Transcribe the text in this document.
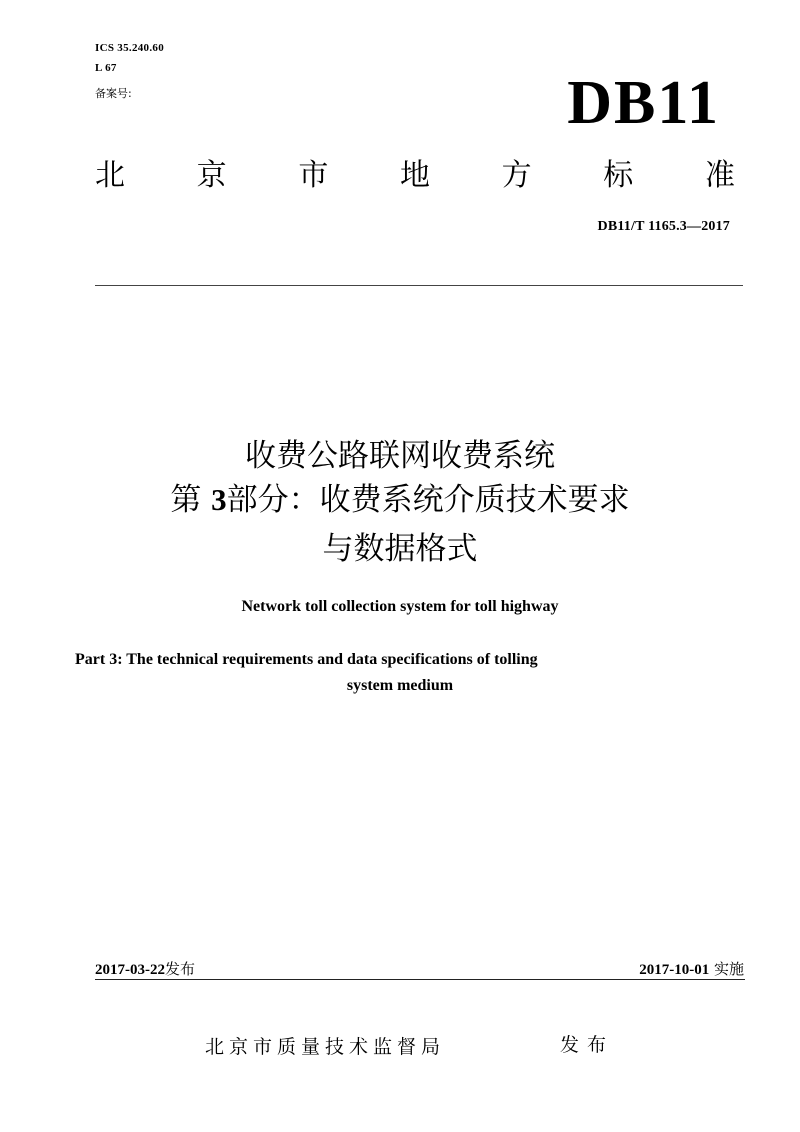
ICS 35.240.60
L 67
备案号:	DB11
北 京 市 地 方 标 准
DB11/T 1165.3—2017
收费公路联网收费系统
第 3部分：收费系统介质技术要求
与数据格式
Network toll collection system for toll highway
Part 3: The technical requirements and data specifications of tolling
system medium
2017-03-22发布	2017-10-01 实施
北京市质量技术监督局	发布
